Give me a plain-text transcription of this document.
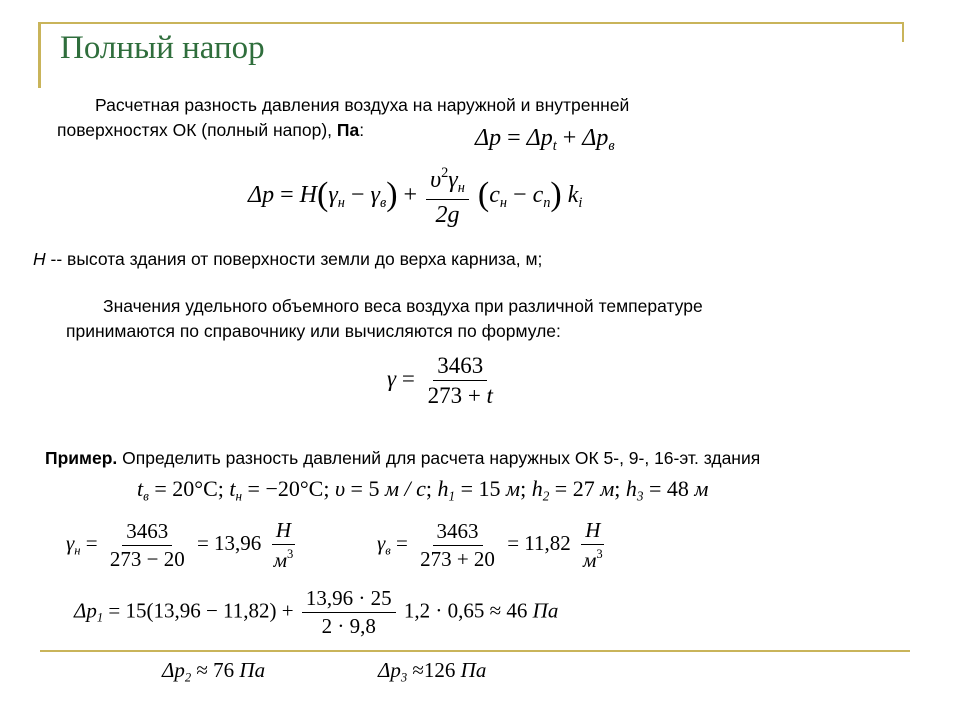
Полный напор
Расчетная разность давления воздуха на наружной и внутренней
поверхностях ОК (полный напор), Па:	$\Delta p = \Delta p_t + \Delta p_в$
$\Delta p = H(\gamma_н - \gamma_в) + \frac{\upsilon^2\gamma_н}{2g} (c_н - c_п)$ $k_i$
H -- высота здания от поверхности земли до верха карниза, м;
Значения удельного объемного веса воздуха при различной температуре
принимаются по справочнику или вычисляются по формуле:
$\gamma = \frac{3463}{273 + t}$
Пример. Определить разность давлений для расчета наружных ОК 5-, 9-, 16-эт. здания
$t_в = 20^\circ C$; $t_н = -20^\circ C$; υ = 5 м / с; $h_1 = 15$ м; $h_2 = 27$ м; $h_3 = 48$ м
$\gamma_н = \frac{3463}{273 - 20} = 13,96 \frac{Н}{м^3}$	$\gamma_в = \frac{3463}{273 + 20} = 11,82 \frac{Н}{м^3}$
$\Delta p_1 = 15(13,96 - 11,82) + \frac{13,96 \cdot 25}{2 \cdot 9,8} 1,2 \cdot 0,65 \approx 46$ Па
$\Delta p_2 \approx 76$ Па	$\Delta p_3 \approx 126$ Па
